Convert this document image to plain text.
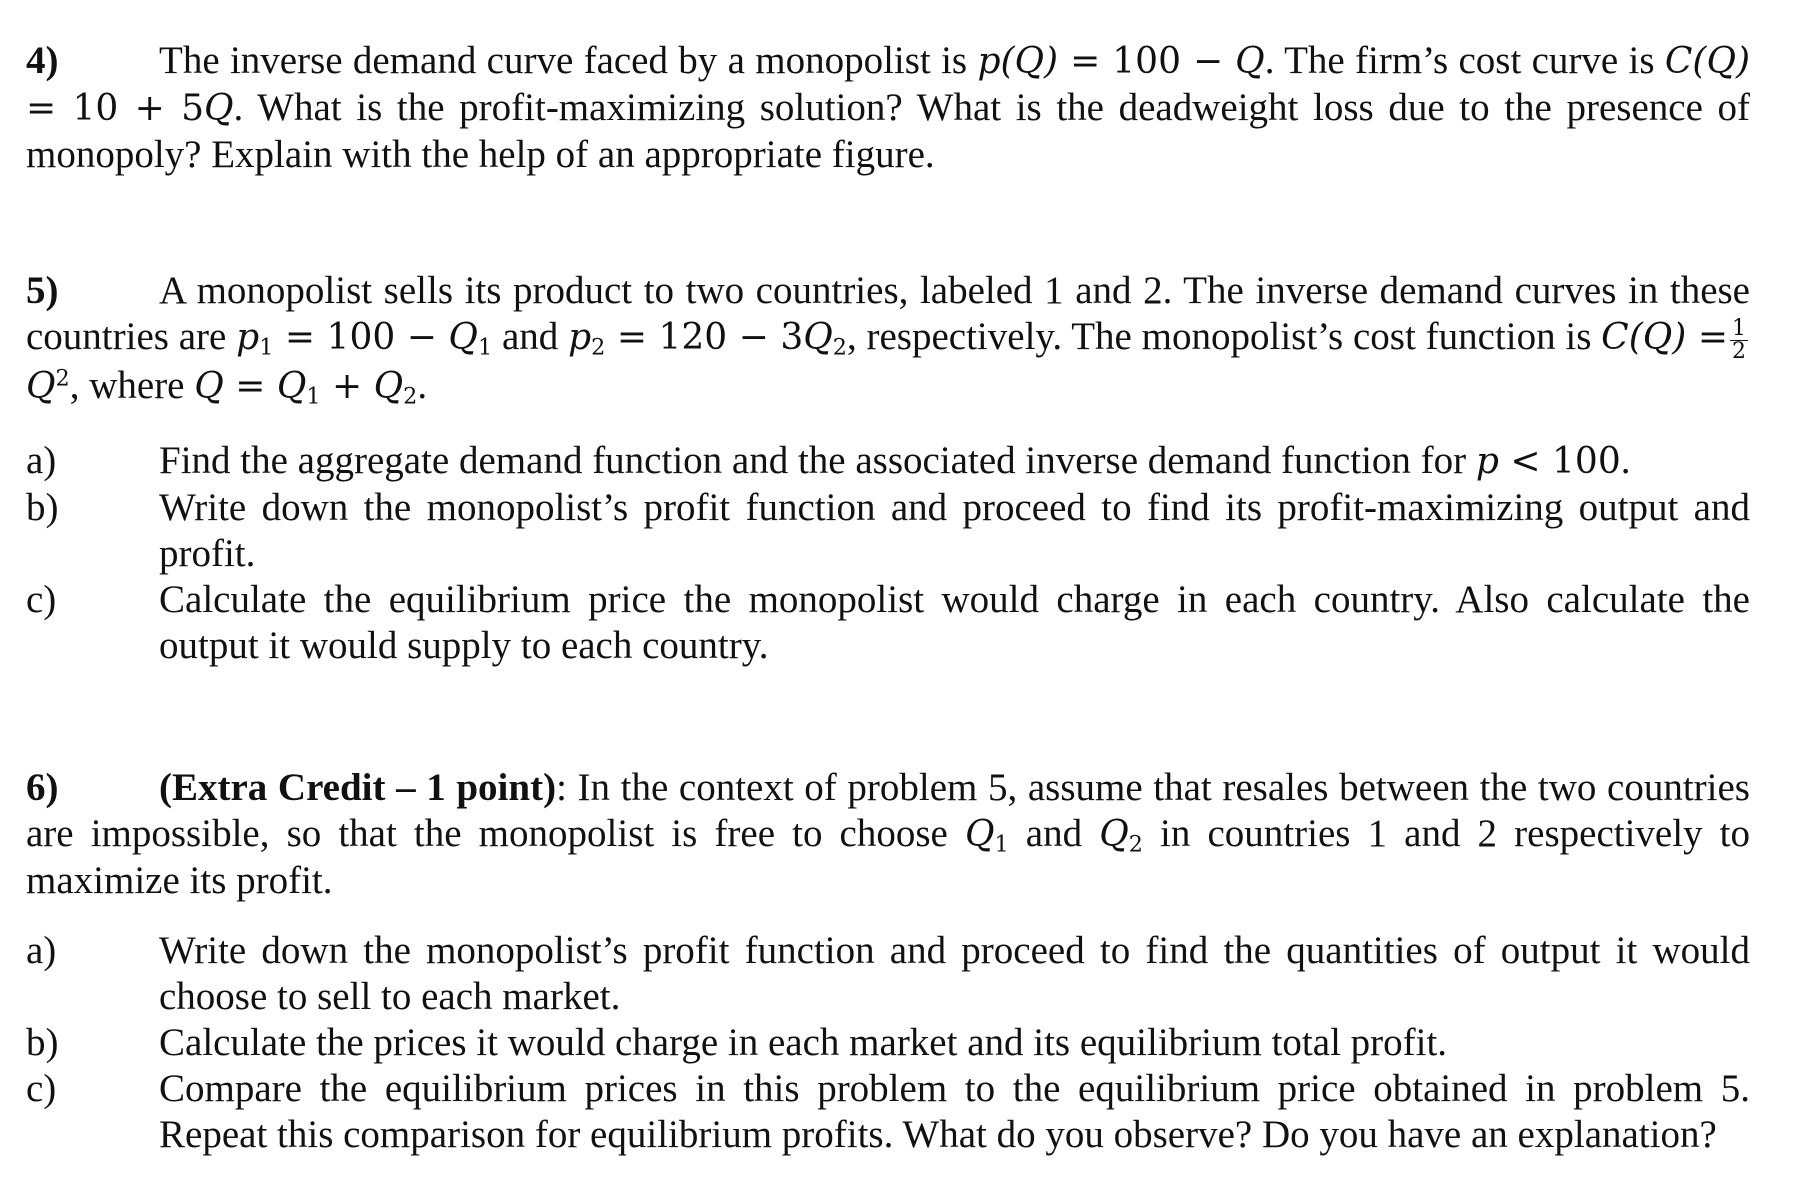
4)	The inverse demand curve faced by a monopolist is p(Q) = 100 − Q. The firm’s cost curve is C(Q) = 10 + 5Q. What is the profit-maximizing solution? What is the deadweight loss due to the presence of monopoly? Explain with the help of an appropriate figure.

5)	A monopolist sells its product to two countries, labeled 1 and 2. The inverse demand curves in these countries are $p_1 = 100 - Q_1$ and $p_2 = 120 - 3Q_2$, respectively. The monopolist’s cost function is $C(Q) = \frac{1}{2}$
$Q^2$, where $Q = Q_1 + Q_2$.

a)	Find the aggregate demand function and the associated inverse demand function for p < 100.
b)	Write down the monopolist’s profit function and proceed to find its profit-maximizing output and profit.
c)	Calculate the equilibrium price the monopolist would charge in each country. Also calculate the output it would supply to each country.

6)	(Extra Credit – 1 point): In the context of problem 5, assume that resales between the two countries are impossible, so that the monopolist is free to choose $Q_1$ and $Q_2$ in countries 1 and 2 respectively to maximize its profit.

a)	Write down the monopolist’s profit function and proceed to find the quantities of output it would choose to sell to each market.
b)	Calculate the prices it would charge in each market and its equilibrium total profit.
c)	Compare the equilibrium prices in this problem to the equilibrium price obtained in problem 5. Repeat this comparison for equilibrium profits. What do you observe? Do you have an explanation?
